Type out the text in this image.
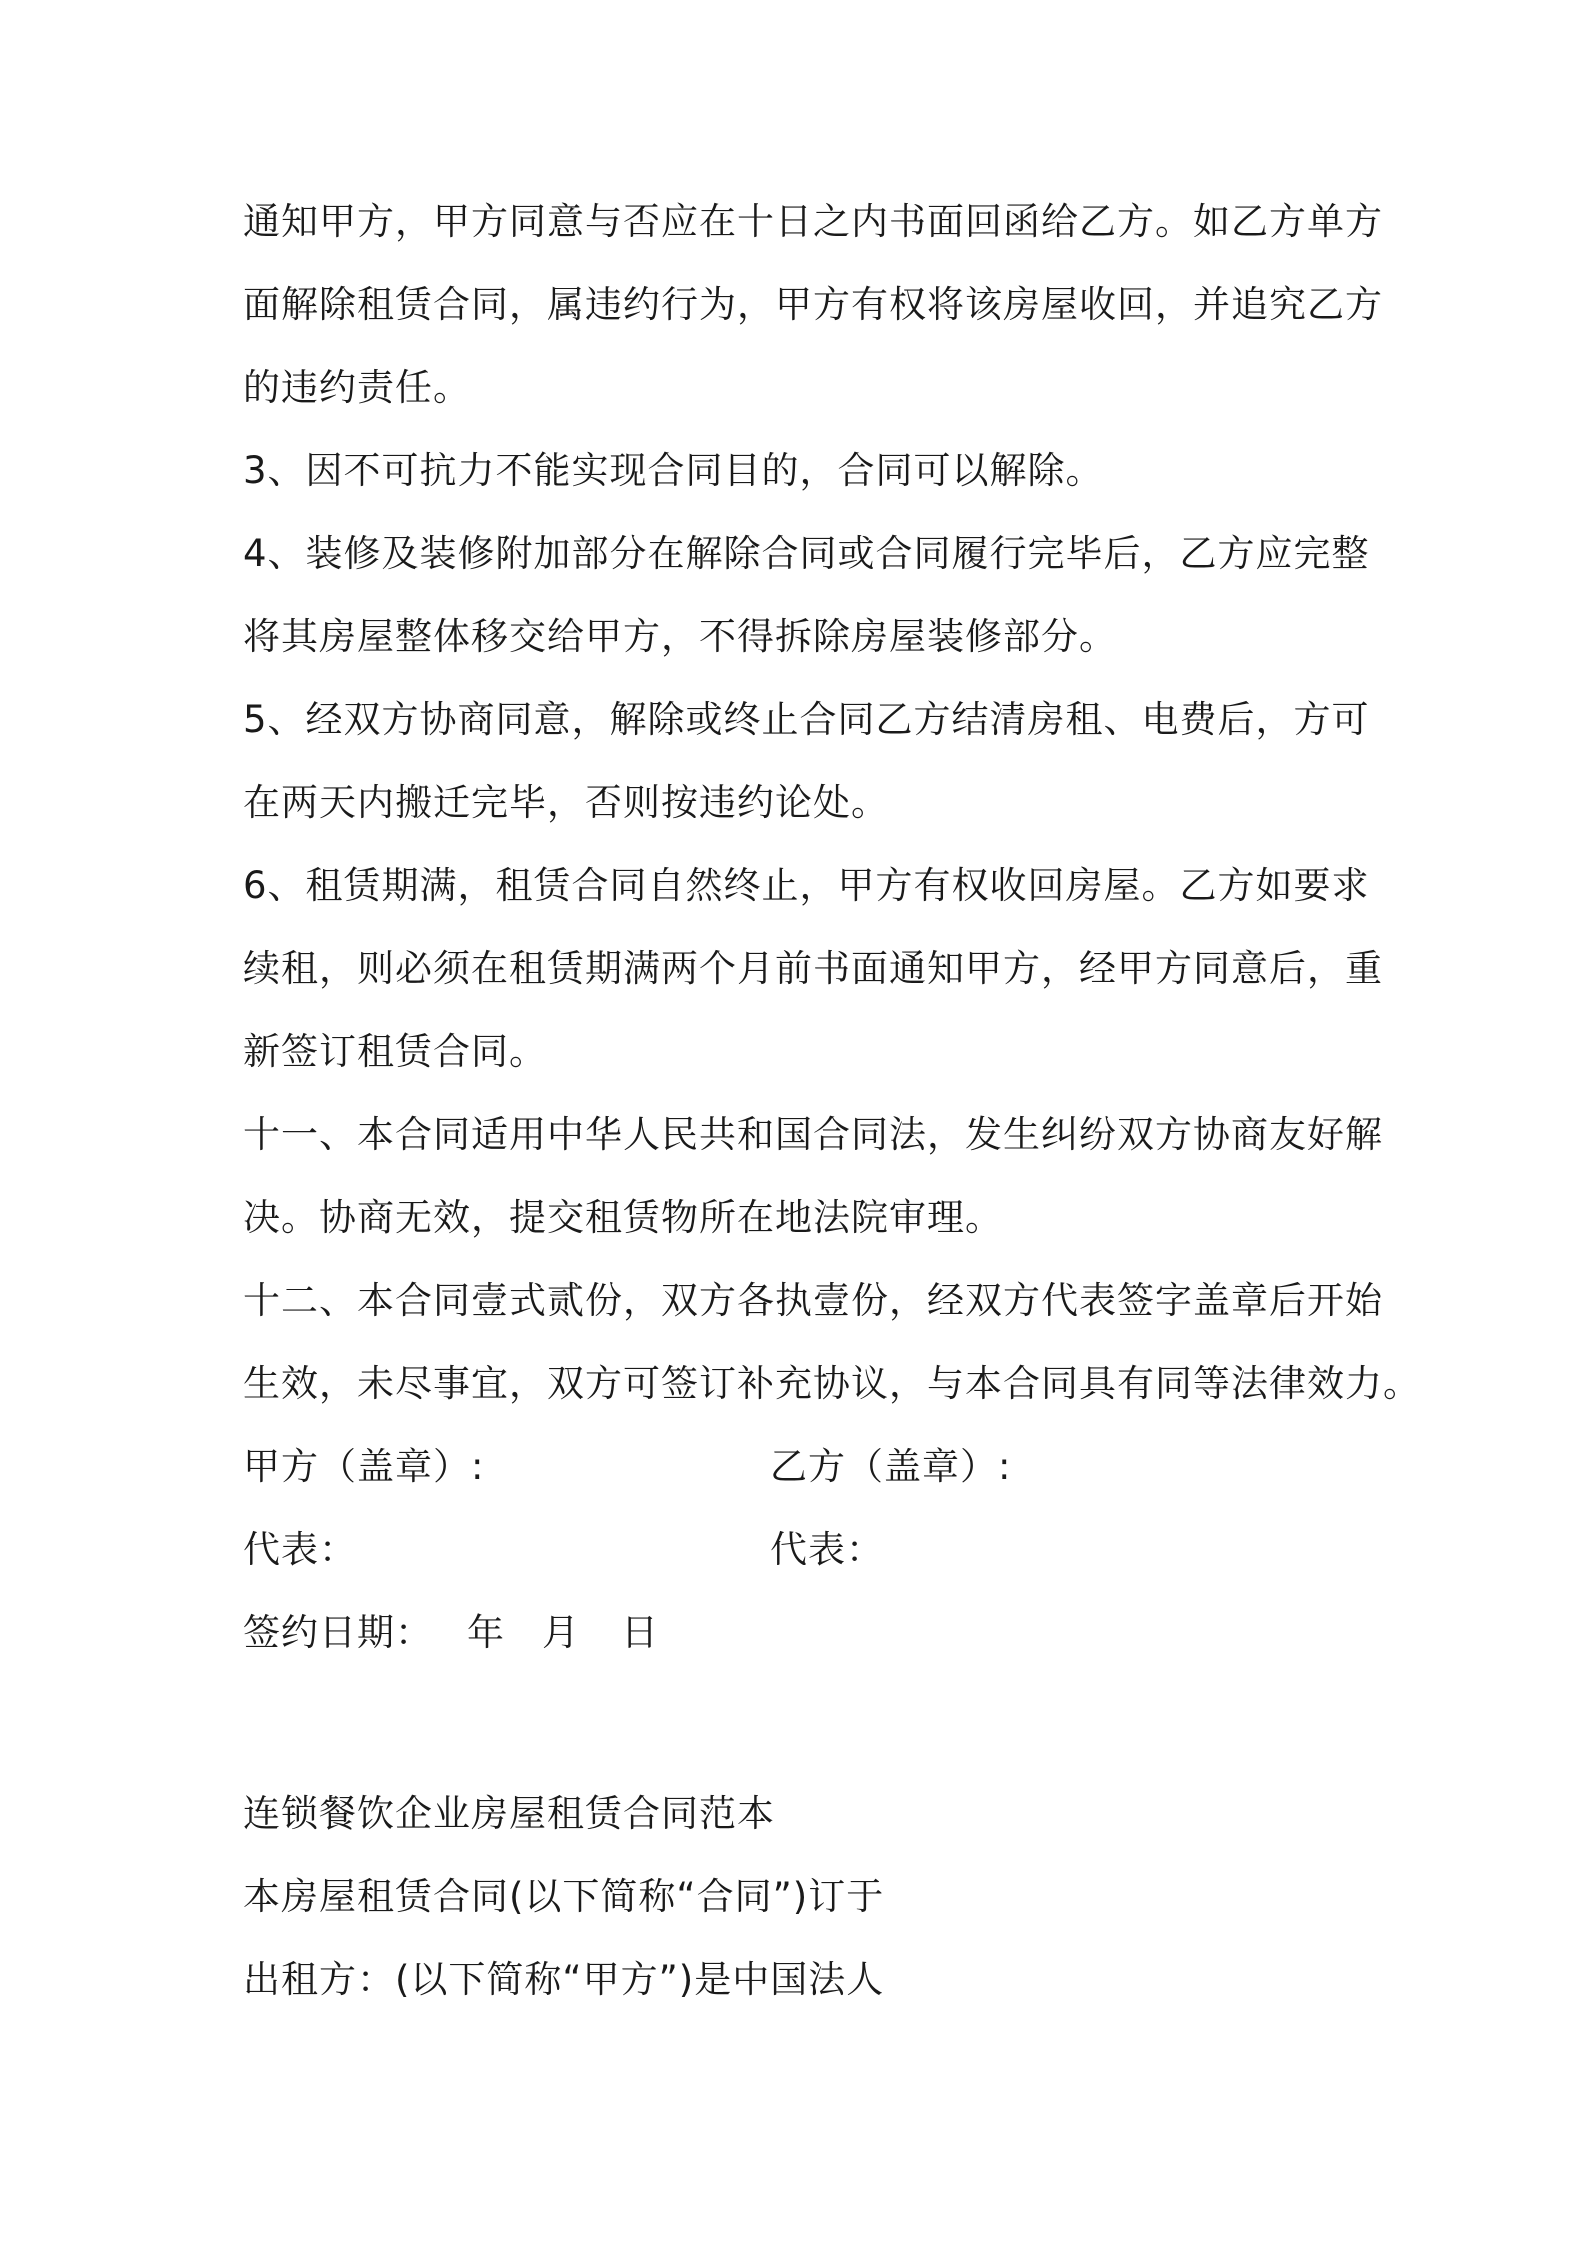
通知甲方，甲方同意与否应在十日之内书面回函给乙方。如乙方单方
面解除租赁合同，属违约行为，甲方有权将该房屋收回，并追究乙方
的违约责任。
3、因不可抗力不能实现合同目的，合同可以解除。
4、装修及装修附加部分在解除合同或合同履行完毕后，乙方应完整
将其房屋整体移交给甲方，不得拆除房屋装修部分。
5、经双方协商同意，解除或终止合同乙方结清房租、电费后，方可
在两天内搬迁完毕，否则按违约论处。
6、租赁期满，租赁合同自然终止，甲方有权收回房屋。乙方如要求
续租，则必须在租赁期满两个月前书面通知甲方，经甲方同意后，重
新签订租赁合同。
十一、本合同适用中华人民共和国合同法，发生纠纷双方协商友好解
决。协商无效，提交租赁物所在地法院审理。
十二、本合同壹式贰份，双方各执壹份，经双方代表签字盖章后开始
生效，未尽事宜，双方可签订补充协议，与本合同具有同等法律效力。
甲方（盖章）:	乙方（盖章）:
代表：	代表：
签约日期： 年	月	日
连锁餐饮企业房屋租赁合同范本
本房屋租赁合同(以下简称“合同”)订于
出租方：(以下简称“甲方”)是中国法人
